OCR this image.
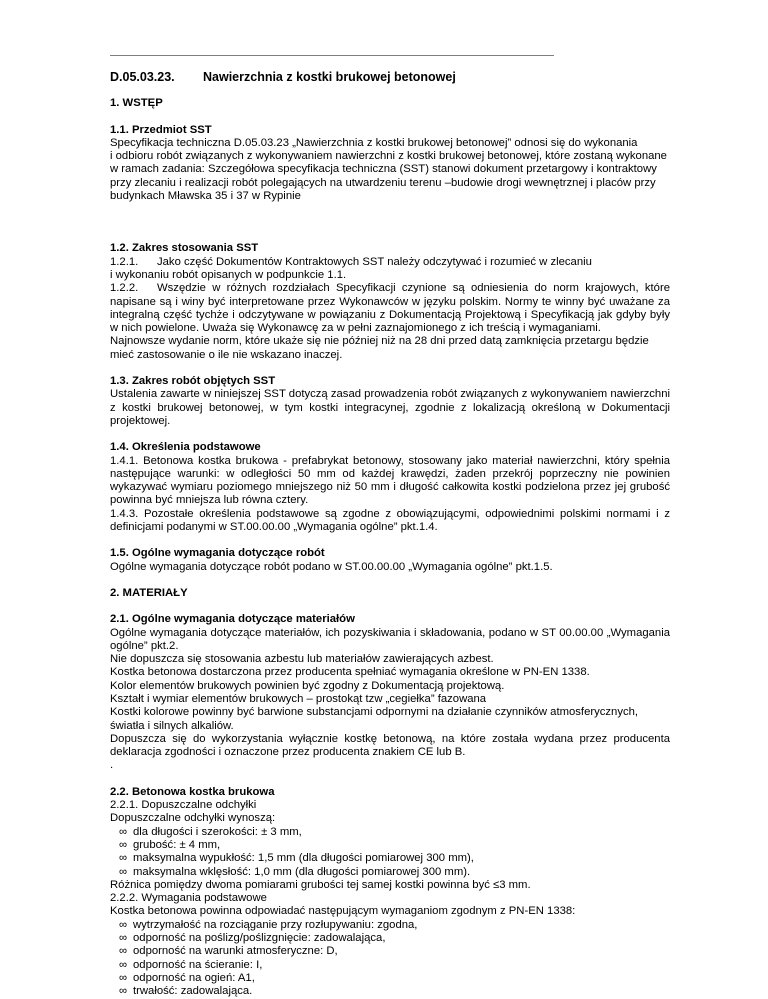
D.05.03.23.	Nawierzchnia z kostki brukowej betonowej

1. WSTĘP

1.1. Przedmiot SST

Specyfikacja techniczna D.05.03.23 „Nawierzchnia z kostki brukowej betonowej” odnosi się do wykonania

i odbioru robót związanych z wykonywaniem nawierzchni z kostki brukowej betonowej, które zostaną wykonane

w ramach zadania: Szczegółowa specyfikacja techniczna (SST) stanowi dokument przetargowy i kontraktowy

przy zlecaniu i realizacji robót polegających na utwardzeniu terenu –budowie drogi wewnętrznej i placów przy

budynkach Mławska 35 i 37 w Rypinie

1.2. Zakres stosowania SST

1.2.1. Jako część Dokumentów Kontraktowych SST należy odczytywać i rozumieć w zlecaniu

i wykonaniu robót opisanych w podpunkcie 1.1.

1.2.2. Wszędzie w różnych rozdziałach Specyfikacji czynione są odniesienia do norm krajowych, które napisane są i winy być interpretowane przez Wykonawców w języku polskim. Normy te winny być uważane za integralną część tychże i odczytywane w powiązaniu z Dokumentacją Projektową i Specyfikacją jak gdyby były w nich powielone. Uważa się Wykonawcę za w pełni zaznajomionego z ich treścią i wymaganiami.

Najnowsze wydanie norm, które ukaże się nie później niż na 28 dni przed datą zamknięcia przetargu będzie mieć zastosowanie o ile nie wskazano inaczej.

1.3. Zakres robót objętych SST

Ustalenia zawarte w niniejszej SST dotyczą zasad prowadzenia robót związanych z wykonywaniem nawierzchni z kostki brukowej betonowej, w tym kostki integracynej, zgodnie z lokalizacją określoną w Dokumentacji projektowej.

1.4. Określenia podstawowe

1.4.1. Betonowa kostka brukowa - prefabrykat betonowy, stosowany jako materiał nawierzchni, który spełnia następujące warunki: w odległości 50 mm od każdej krawędzi, żaden przekrój poprzeczny nie powinien wykazywać wymiaru poziomego mniejszego niż 50 mm i długość całkowita kostki podzielona przez jej grubość powinna być mniejsza lub równa cztery.

1.4.3. Pozostałe określenia podstawowe są zgodne z obowiązującymi, odpowiednimi polskimi normami i z definicjami podanymi w ST.00.00.00 „Wymagania ogólne” pkt.1.4.

1.5. Ogólne wymagania dotyczące robót

Ogólne wymagania dotyczące robót podano w ST.00.00.00 „Wymagania ogólne” pkt.1.5.

2. MATERIAŁY

2.1. Ogólne wymagania dotyczące materiałów

Ogólne wymagania dotyczące materiałów, ich pozyskiwania i składowania, podano w ST 00.00.00 „Wymagania ogólne” pkt.2.

Nie dopuszcza się stosowania azbestu lub materiałów zawierających azbest.

Kostka betonowa dostarczona przez producenta spełniać wymagania określone w PN-EN 1338.

Kolor elementów brukowych powinien być zgodny z Dokumentacją projektową.

Kształt i wymiar elementów brukowych – prostokąt tzw „cegiełka” fazowana

Kostki kolorowe powinny być barwione substancjami odpornymi na działanie czynników atmosferycznych, światła i silnych alkaliów.

Dopuszcza się do wykorzystania wyłącznie kostkę betonową, na które została wydana przez producenta deklaracja zgodności i oznaczone przez producenta znakiem CE lub B.

.

2.2. Betonowa kostka brukowa

2.2.1. Dopuszczalne odchyłki

Dopuszczalne odchyłki wynoszą:

∞ dla długości i szerokości: ± 3 mm,
∞ grubość: ± 4 mm,
∞ maksymalna wypukłość: 1,5 mm (dla długości pomiarowej 300 mm),
∞ maksymalna wklęsłość: 1,0 mm (dla długości pomiarowej 300 mm).

Różnica pomiędzy dwoma pomiarami grubości tej samej kostki powinna być ≤3 mm.

2.2.2. Wymagania podstawowe

Kostka betonowa powinna odpowiadać następującym wymaganiom zgodnym z PN-EN 1338:

∞ wytrzymałość na rozciąganie przy rozłupywaniu: zgodna,
∞ odporność na poślizg/poślizgnięcie: zadowalająca,
∞ odporność na warunki atmosferyczne: D,
∞ odporność na ścieranie: I,
∞ odporność na ogień: A1,
∞ trwałość: zadowalająca.
